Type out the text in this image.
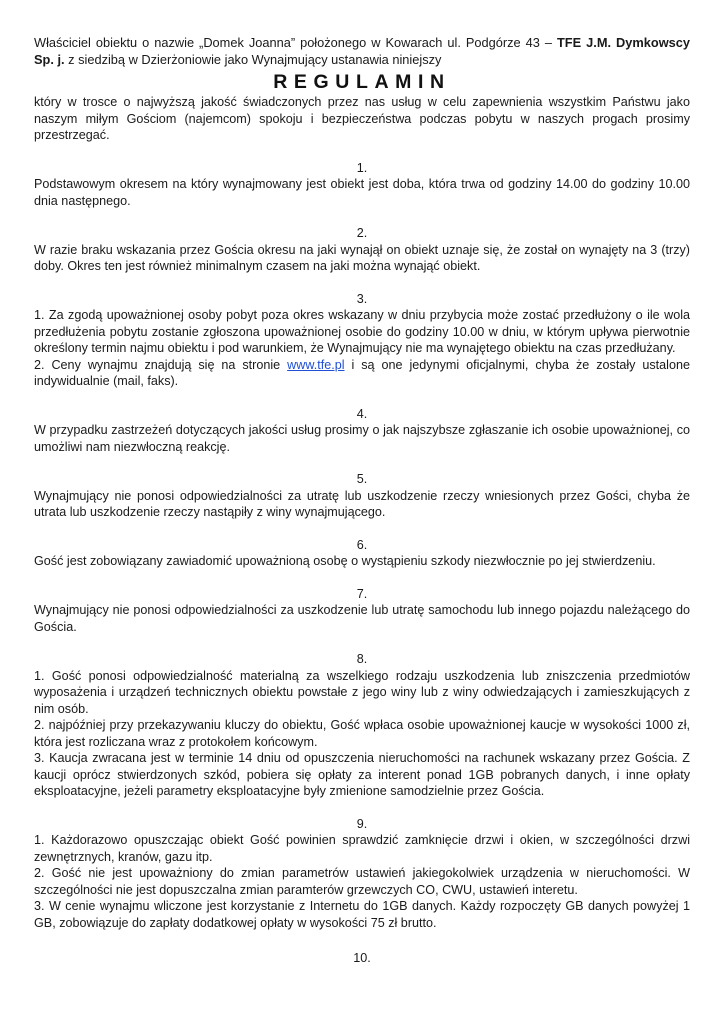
Właściciel obiektu o nazwie „Domek Joanna” położonego w Kowarach ul. Podgórze 43 – TFE J.M. Dymkowscy Sp. j. z siedzibą w Dzierżoniowie jako Wynajmujący ustanawia niniejszy
REGULAMIN
który w trosce o najwyższą jakość świadczonych przez nas usług w celu zapewnienia wszystkim Państwu jako naszym miłym Gościom (najemcom) spokoju i bezpieczeństwa podczas pobytu w naszych progach prosimy przestrzegać.
1.

Podstawowym okresem na który wynajmowany jest obiekt jest doba, która trwa od godziny 14.00 do godziny 10.00 dnia następnego.

2.

W razie braku wskazania przez Gościa okresu na jaki wynajął on obiekt uznaje się, że został on wynajęty na 3 (trzy) doby. Okres ten jest również minimalnym czasem na jaki można wynająć obiekt.

3.

1. Za zgodą upoważnionej osoby pobyt poza okres wskazany w dniu przybycia może zostać przedłużony o ile wola przedłużenia pobytu zostanie zgłoszona upoważnionej osobie do godziny 10.00 w dniu, w którym upływa pierwotnie określony termin najmu obiektu i pod warunkiem, że Wynajmujący nie ma wynajętego obiektu na czas przedłużany.

2. Ceny wynajmu znajdują się na stronie www.tfe.pl i są one jedynymi oficjalnymi, chyba że zostały ustalone indywidualnie (mail, faks).

4.

W przypadku zastrzeżeń dotyczących jakości usług prosimy o jak najszybsze zgłaszanie ich osobie upoważnionej, co umożliwi nam niezwłoczną reakcję.

5.

Wynajmujący nie ponosi odpowiedzialności za utratę lub uszkodzenie rzeczy wniesionych przez Gości, chyba że utrata lub uszkodzenie rzeczy nastąpiły z winy wynajmującego.

6.

Gość jest zobowiązany zawiadomić upoważnioną osobę o wystąpieniu szkody niezwłocznie po jej stwierdzeniu.

7.

Wynajmujący nie ponosi odpowiedzialności za uszkodzenie lub utratę samochodu lub innego pojazdu należącego do Gościa.

8.

1. Gość ponosi odpowiedzialność materialną za wszelkiego rodzaju uszkodzenia lub zniszczenia przedmiotów wyposażenia i urządzeń technicznych obiektu powstałe z jego winy lub z winy odwiedzających i zamieszkujących z nim osób.

2. najpóźniej przy przekazywaniu kluczy do obiektu, Gość wpłaca osobie upoważnionej kaucje w wysokości 1000 zł, która jest rozliczana wraz z protokołem końcowym.

3. Kaucja zwracana jest w terminie 14 dniu od opuszczenia nieruchomości na rachunek wskazany przez Gościa. Z kaucji oprócz stwierdzonych szkód, pobiera się opłaty za interent ponad 1GB pobranych danych, i inne opłaty eksploatacyjne, jeżeli parametry eksploatacyjne były zmienione samodzielnie przez Gościa.

9.

1. Każdorazowo opuszczając obiekt Gość powinien sprawdzić zamknięcie drzwi i okien, w szczególności drzwi zewnętrznych, kranów, gazu itp.

2. Gość nie jest upoważniony do zmian parametrów ustawień jakiegokolwiek urządzenia w nieruchomości. W szczególności nie jest dopuszczalna zmian paramterów grzewczych CO, CWU, ustawień interetu.

3. W cenie wynajmu wliczone jest korzystanie z Internetu do 1GB danych. Każdy rozpoczęty GB danych powyżej 1 GB, zobowiązuje do zapłaty dodatkowej opłaty w wysokości 75 zł brutto.

10.
